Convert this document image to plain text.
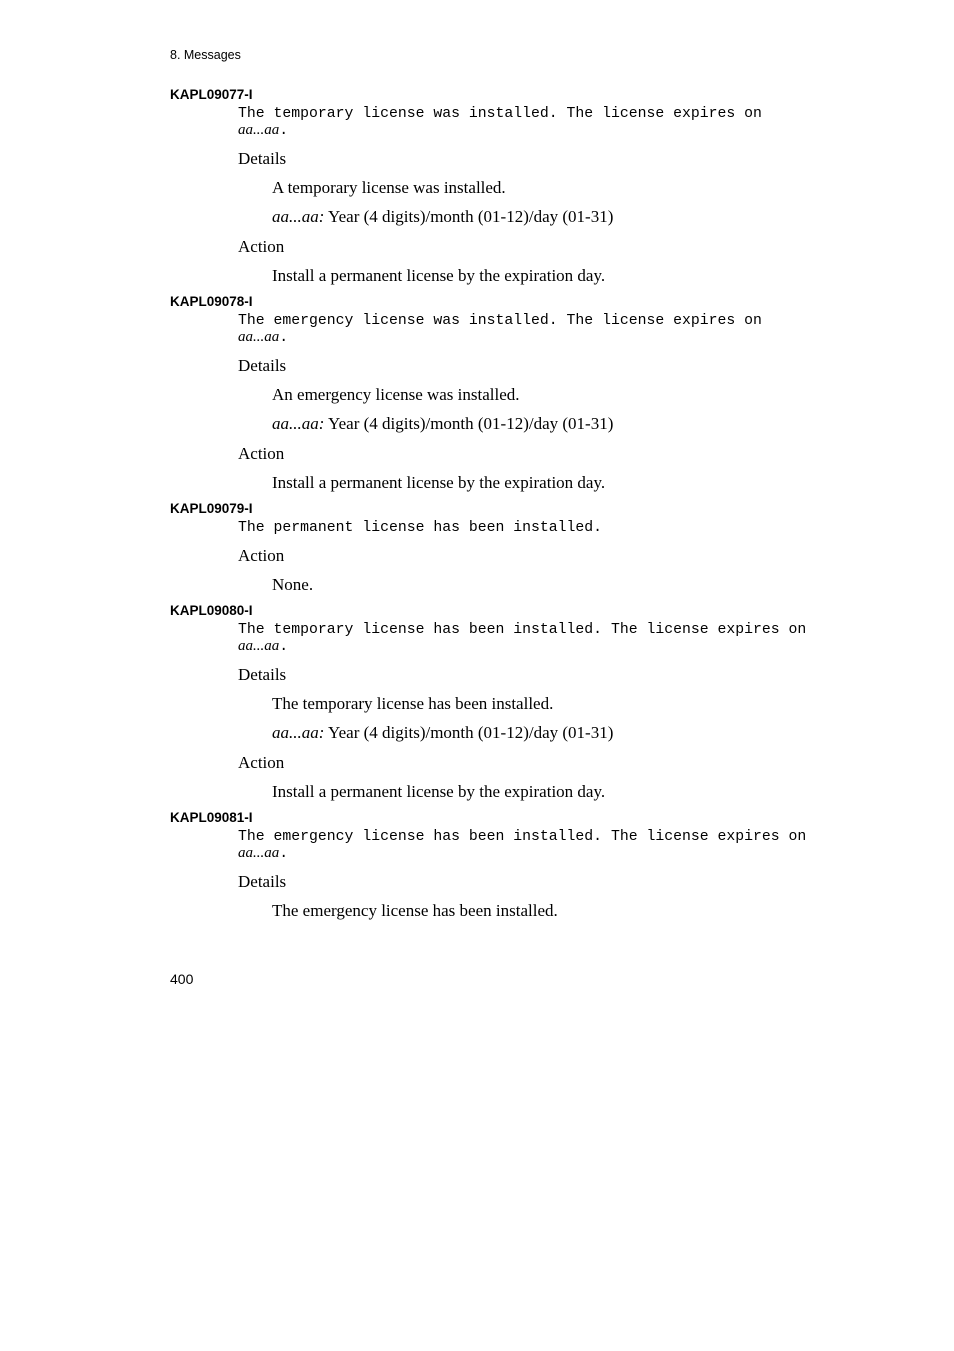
8. Messages
KAPL09077-I
The temporary license was installed. The license expires on
aa...aa.
Details
A temporary license was installed.
aa...aa: Year (4 digits)/month (01-12)/day (01-31)
Action
Install a permanent license by the expiration day.
KAPL09078-I
The emergency license was installed. The license expires on
aa...aa.
Details
An emergency license was installed.
aa...aa: Year (4 digits)/month (01-12)/day (01-31)
Action
Install a permanent license by the expiration day.
KAPL09079-I
The permanent license has been installed.
Action
None.
KAPL09080-I
The temporary license has been installed. The license expires on
aa...aa.
Details
The temporary license has been installed.
aa...aa: Year (4 digits)/month (01-12)/day (01-31)
Action
Install a permanent license by the expiration day.
KAPL09081-I
The emergency license has been installed. The license expires on
aa...aa.
Details
The emergency license has been installed.
400
